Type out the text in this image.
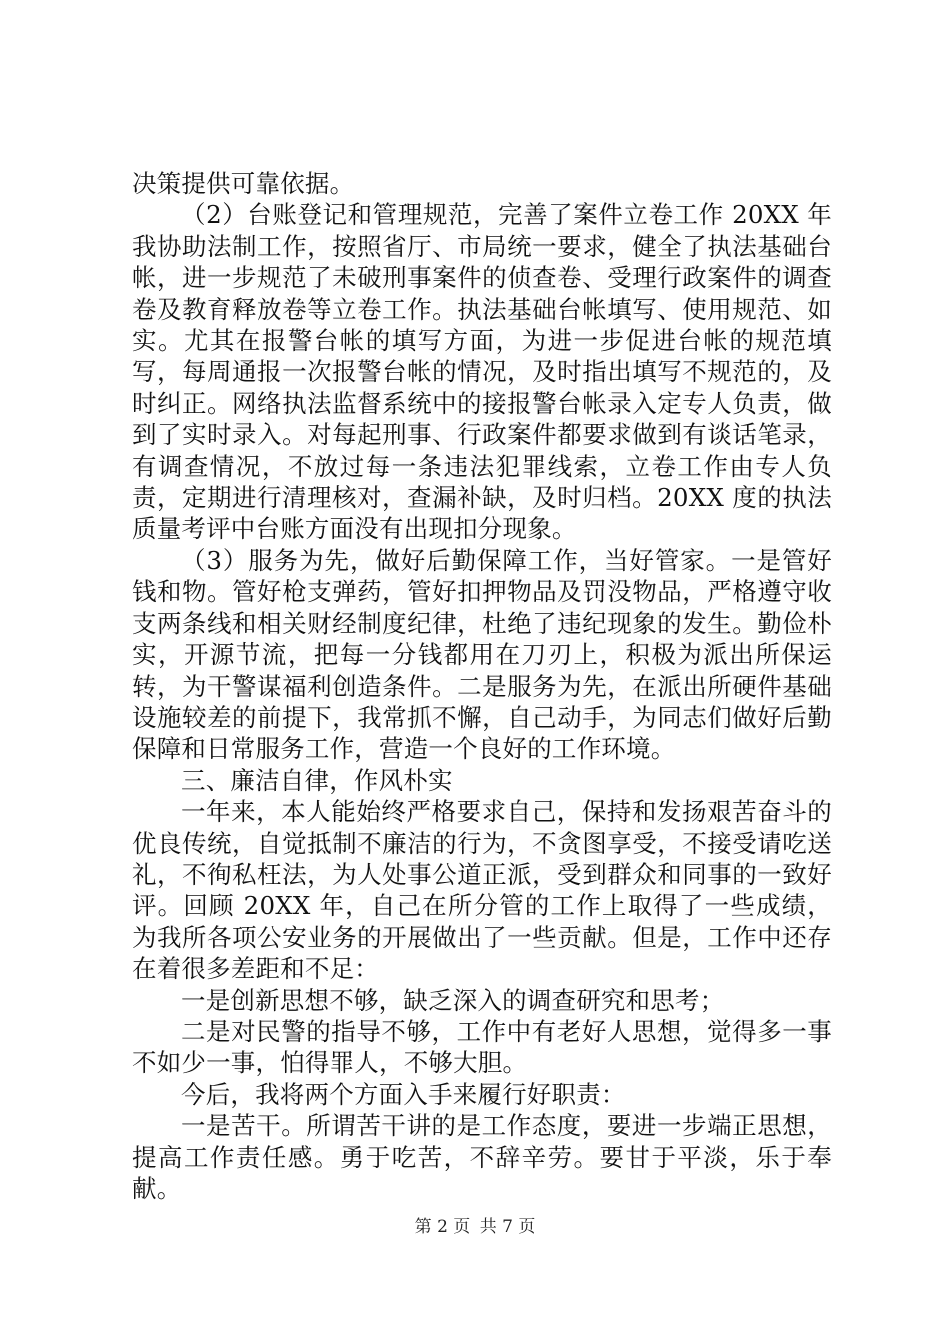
决策提供可靠依据。

（2）台账登记和管理规范，完善了案件立卷工作 20XX 年我协助法制工作，按照省厅、市局统一要求，健全了执法基础台帐，进一步规范了未破刑事案件的侦查卷、受理行政案件的调查卷及教育释放卷等立卷工作。执法基础台帐填写、使用规范、如实。尤其在报警台帐的填写方面，为进一步促进台帐的规范填写，每周通报一次报警台帐的情况，及时指出填写不规范的，及时纠正。网络执法监督系统中的接报警台帐录入定专人负责，做到了实时录入。对每起刑事、行政案件都要求做到有谈话笔录，有调查情况，不放过每一条违法犯罪线索，立卷工作由专人负责，定期进行清理核对，查漏补缺，及时归档。20XX 度的执法质量考评中台账方面没有出现扣分现象。

（3）服务为先，做好后勤保障工作，当好管家。一是管好钱和物。管好枪支弹药，管好扣押物品及罚没物品，严格遵守收支两条线和相关财经制度纪律，杜绝了违纪现象的发生。勤俭朴实，开源节流，把每一分钱都用在刀刃上，积极为派出所保运转，为干警谋福利创造条件。二是服务为先，在派出所硬件基础设施较差的前提下，我常抓不懈，自己动手，为同志们做好后勤保障和日常服务工作，营造一个良好的工作环境。

三、廉洁自律，作风朴实

一年来，本人能始终严格要求自己，保持和发扬艰苦奋斗的优良传统，自觉抵制不廉洁的行为，不贪图享受，不接受请吃送礼，不徇私枉法，为人处事公道正派，受到群众和同事的一致好评。回顾 20XX 年，自己在所分管的工作上取得了一些成绩，为我所各项公安业务的开展做出了一些贡献。但是，工作中还存在着很多差距和不足：

一是创新思想不够，缺乏深入的调查研究和思考；

二是对民警的指导不够，工作中有老好人思想，觉得多一事不如少一事，怕得罪人，不够大胆。

今后，我将两个方面入手来履行好职责：

一是苦干。所谓苦干讲的是工作态度，要进一步端正思想，提高工作责任感。勇于吃苦，不辞辛劳。要甘于平淡，乐于奉献。

第 2 页 共 7 页
